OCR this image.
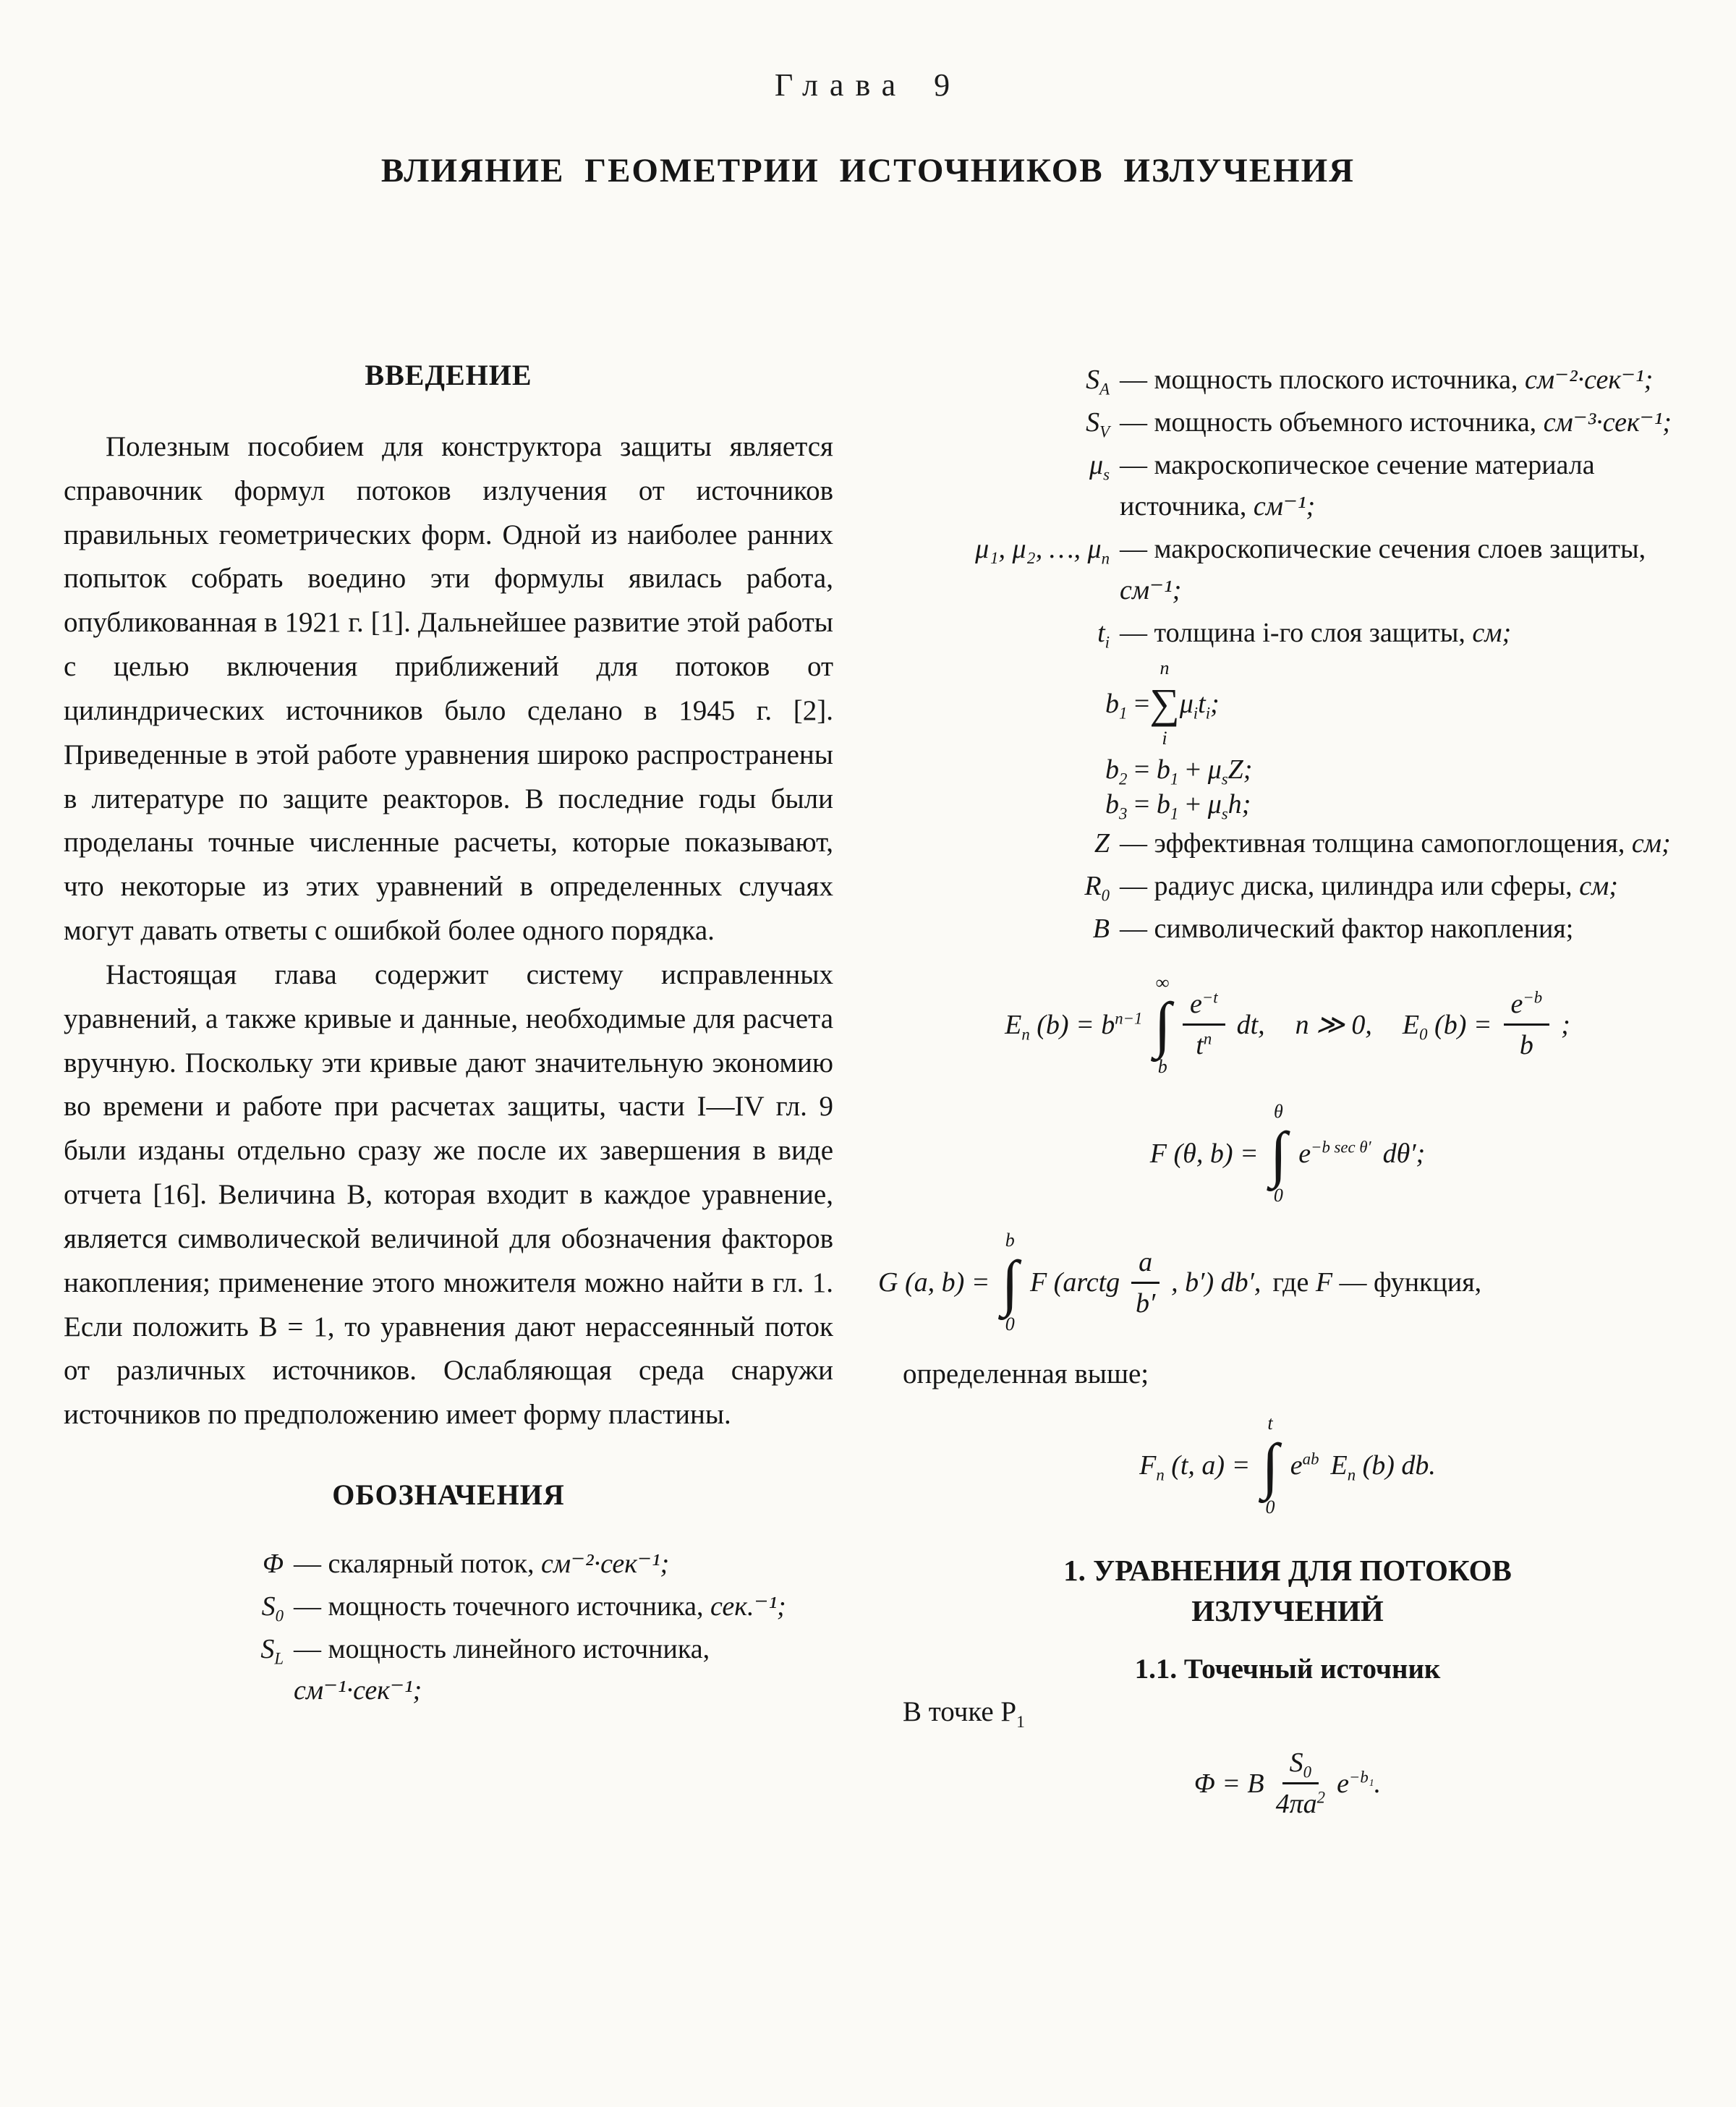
Глава 9
ВЛИЯНИЕ ГЕОМЕТРИИ ИСТОЧНИКОВ ИЗЛУЧЕНИЯ
ВВЕДЕНИЕ

Полезным пособием для конструктора защиты является справочник формул потоков излучения от источников правильных геометрических форм. Одной из наиболее ранних попыток собрать воедино эти формулы явилась работа, опубликованная в 1921 г. [1]. Дальнейшее развитие этой работы с целью включения приближений для потоков от цилиндрических источников было сделано в 1945 г. [2]. Приведенные в этой работе уравнения широко распространены в литературе по защите реакторов. В последние годы были проделаны точные численные расчеты, которые показывают, что некоторые из этих уравнений в определенных случаях могут давать ответы с ошибкой более одного порядка.

Настоящая глава содержит систему исправленных уравнений, а также кривые и данные, необходимые для расчета вручную. Поскольку эти кривые дают значительную экономию во времени и работе при расчетах защиты, части I—IV гл. 9 были изданы отдельно сразу же после их завершения в виде отчета [16]. Величина B, которая входит в каждое уравнение, является символической величиной для обозначения факторов накопления; применение этого множителя можно найти в гл. 1. Если положить B = 1, то уравнения дают нерассеянный поток от различных источников. Ослабляющая среда снаружи источников по предположению имеет форму пластины.

ОБОЗНАЧЕНИЯ
Φ — скалярный поток, см⁻²·сек⁻¹;
$S_0$ — мощность точечного источника, сек.⁻¹;
$S_L$ — мощность линейного источника, см⁻¹·сек⁻¹;
$S_A$ — мощность плоского источника, см⁻²·сек⁻¹;
$S_V$ — мощность объемного источника, см⁻³·сек⁻¹;
$\mu_s$ — макроскопическое сечение материала источника, см⁻¹;
μ₁, μ₂, …, $\mu_n$ — макроскопические сечения слоев защиты, см⁻¹;
$t_i$ — толщина i-го слоя защиты, см;
$b_1$ =
n
∑
i
$\mu_it_i$;
$b_2 = b_1 + \mu_sZ$;
$b_3 = b_1 + \mu_sh$;
Z — эффективная толщина самопоглощения, см;
$R_0$ — радиус диска, цилиндра или сферы, см;
B — символический фактор накопления;
$E_n$ $(b) = b^{n-1}$
∞
∫
b
$\frac{e^{-t}}{t^n}$ dt, n ≫ 0, $E_0$ $(b) = \frac{e^{-b}}{b}$ ;
F (θ, b) =
θ
∫
0
$e^{-b sec \theta'}$ dθ′;
G (a, b) =
b
∫
0
F (arctg $\frac{a}{b'}$ , b′) db′, где F — функция,

определенная выше;

$F_n$ (t, a) =
t
∫
0
$e^{ab}$ $E_n$ (b) db.
1. УРАВНЕНИЯ ДЛЯ ПОТОКОВ ИЗЛУЧЕНИЙ
1.1. Точечный источник

В точке $P_1$

Φ = B $\frac{S_0}{4\pi a^2} e^{-b_1}$.
